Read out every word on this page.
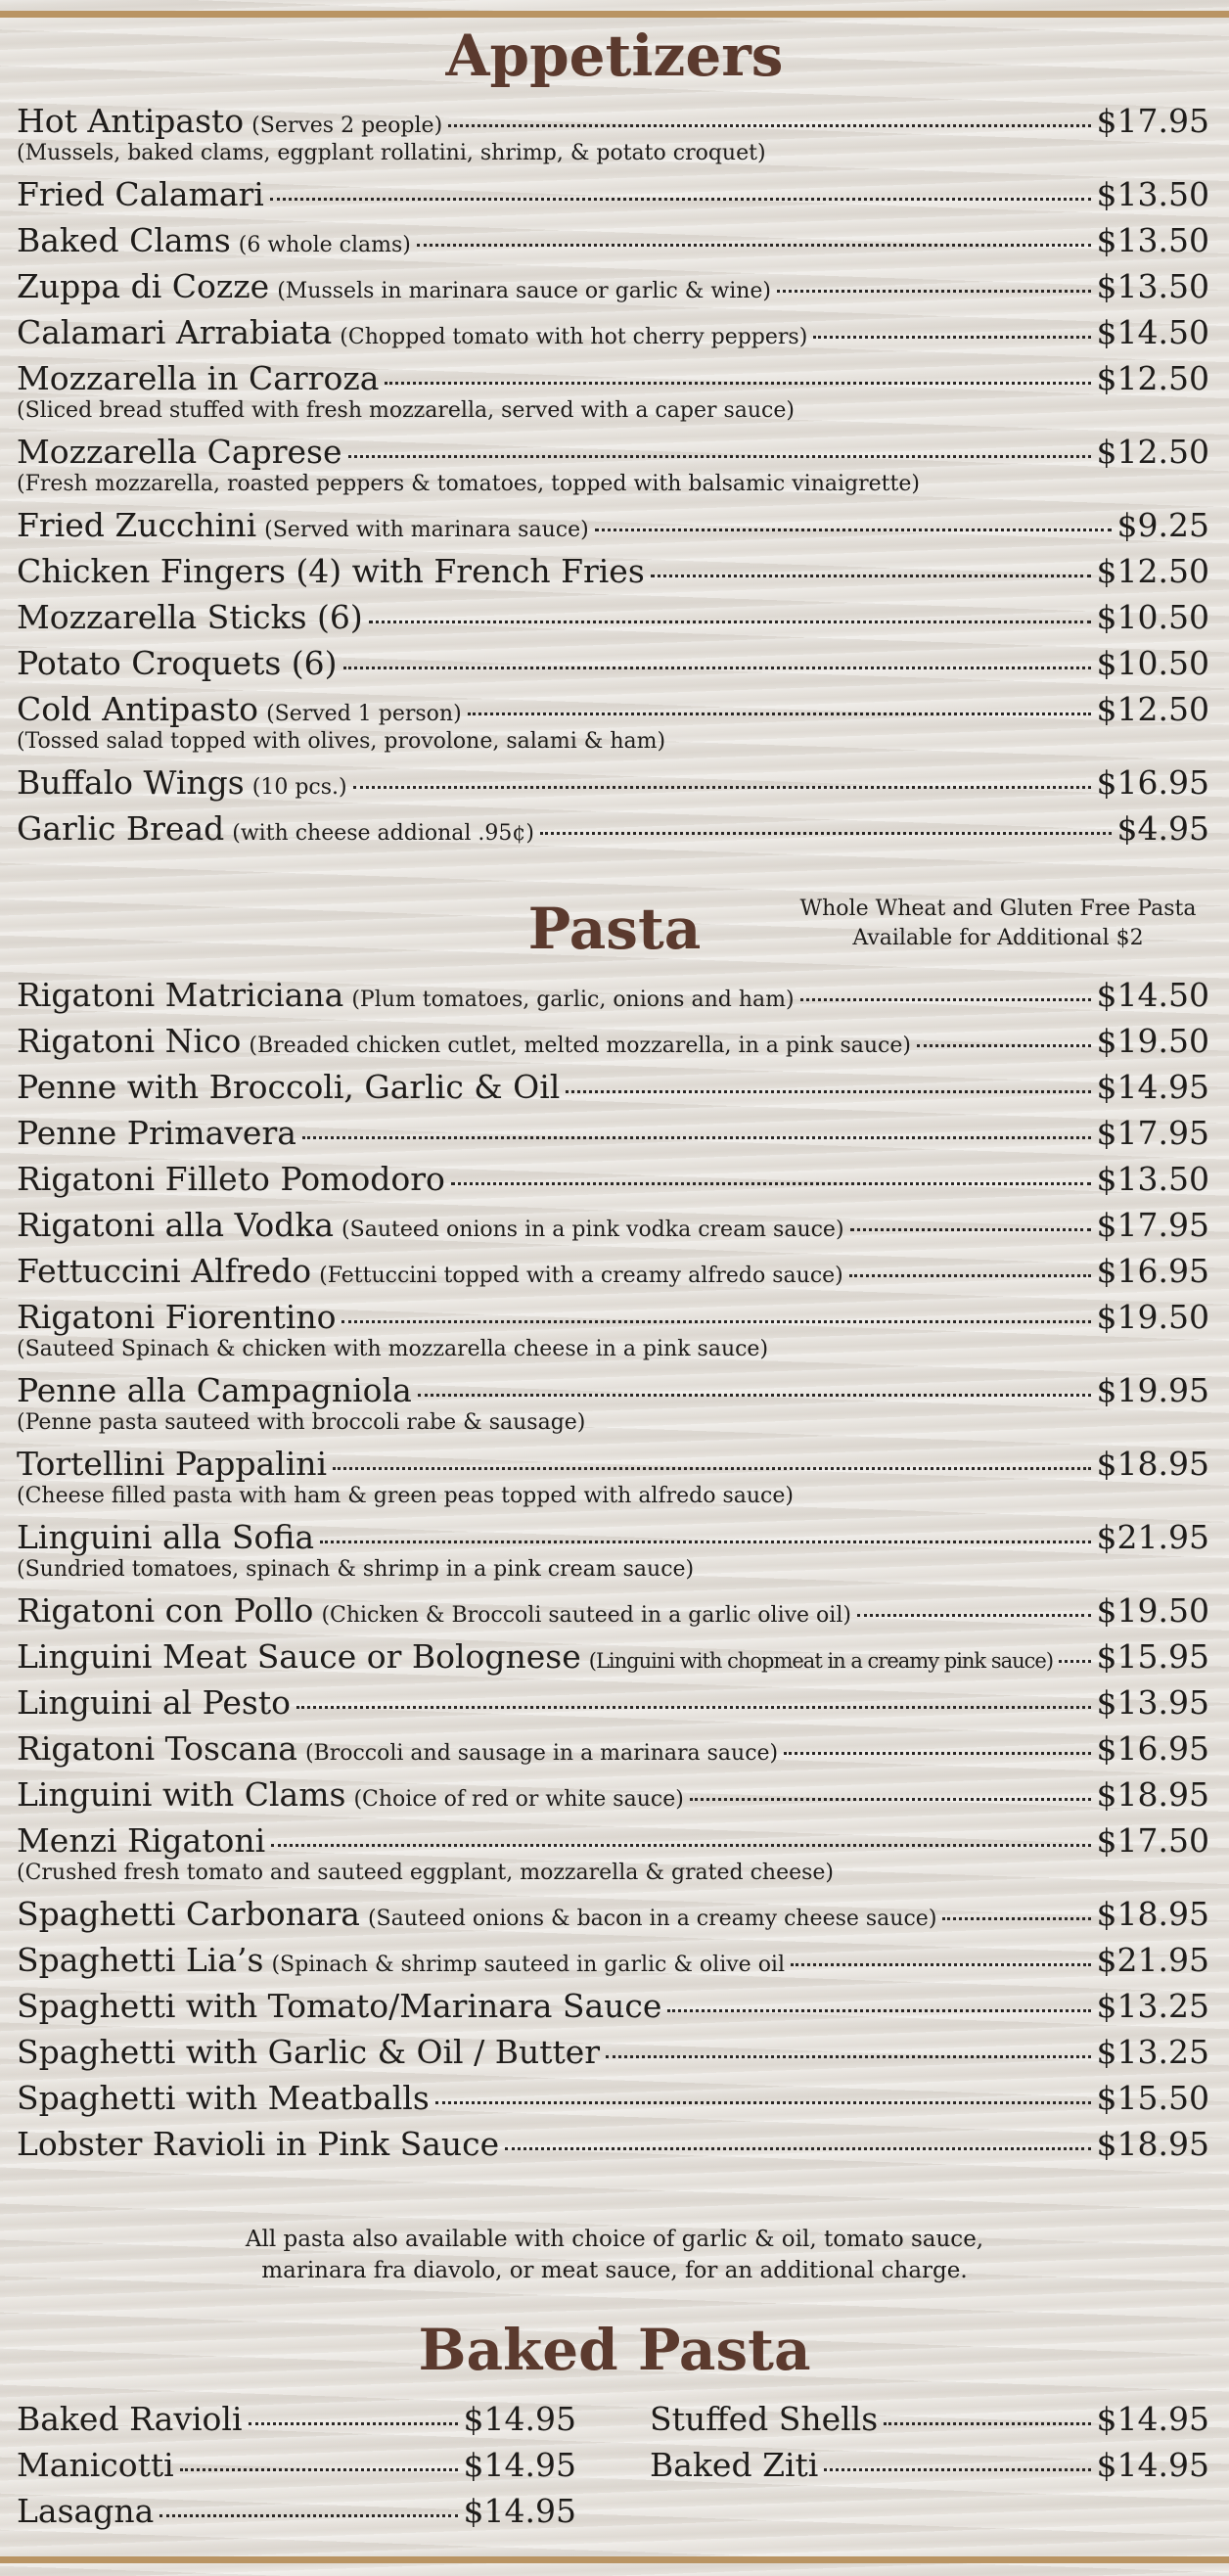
Appetizers
Hot Antipasto (Serves 2 people)	$17.95
(Mussels, baked clams, eggplant rollatini, shrimp, & potato croquet)
Fried Calamari	$13.50
Baked Clams (6 whole clams)	$13.50
Zuppa di Cozze (Mussels in marinara sauce or garlic & wine)	$13.50
Calamari Arrabiata (Chopped tomato with hot cherry peppers)	$14.50
Mozzarella in Carroza	$12.50
(Sliced bread stuffed with fresh mozzarella, served with a caper sauce)
Mozzarella Caprese	$12.50
(Fresh mozzarella, roasted peppers & tomatoes, topped with balsamic vinaigrette)
Fried Zucchini (Served with marinara sauce)	$9.25
Chicken Fingers (4) with French Fries	$12.50
Mozzarella Sticks (6)	$10.50
Potato Croquets (6)	$10.50
Cold Antipasto (Served 1 person)	$12.50
(Tossed salad topped with olives, provolone, salami & ham)
Buffalo Wings (10 pcs.)	$16.95
Garlic Bread (with cheese addional .95¢)	$4.95
Pasta	Whole Wheat and Gluten Free Pasta
Available for Additional $2
Rigatoni Matriciana (Plum tomatoes, garlic, onions and ham)	$14.50
Rigatoni Nico (Breaded chicken cutlet, melted mozzarella, in a pink sauce)	$19.50
Penne with Broccoli, Garlic & Oil	$14.95
Penne Primavera	$17.95
Rigatoni Filleto Pomodoro	$13.50
Rigatoni alla Vodka (Sauteed onions in a pink vodka cream sauce)	$17.95
Fettuccini Alfredo (Fettuccini topped with a creamy alfredo sauce)	$16.95
Rigatoni Fiorentino	$19.50
(Sauteed Spinach & chicken with mozzarella cheese in a pink sauce)
Penne alla Campagniola	$19.95
(Penne pasta sauteed with broccoli rabe & sausage)
Tortellini Pappalini	$18.95
(Cheese filled pasta with ham & green peas topped with alfredo sauce)
Linguini alla Sofia	$21.95
(Sundried tomatoes, spinach & shrimp in a pink cream sauce)
Rigatoni con Pollo (Chicken & Broccoli sauteed in a garlic olive oil)	$19.50
Linguini Meat Sauce or Bolognese (Linguini with chopmeat in a creamy pink sauce) $15.95
Linguini al Pesto	$13.95
Rigatoni Toscana (Broccoli and sausage in a marinara sauce)	$16.95
Linguini with Clams (Choice of red or white sauce)	$18.95
Menzi Rigatoni	$17.50
(Crushed fresh tomato and sauteed eggplant, mozzarella & grated cheese)
Spaghetti Carbonara (Sauteed onions & bacon in a creamy cheese sauce)	$18.95
Spaghetti Lia’s (Spinach & shrimp sauteed in garlic & olive oil	$21.95
Spaghetti with Tomato/Marinara Sauce	$13.25
Spaghetti with Garlic & Oil / Butter	$13.25
Spaghetti with Meatballs	$15.50
Lobster Ravioli in Pink Sauce	$18.95
All pasta also available with choice of garlic & oil, tomato sauce,
marinara fra diavolo, or meat sauce, for an additional charge.
Baked Pasta
Baked Ravioli	$14.95
Manicotti	$14.95
Lasagna	$14.95
Stuffed Shells	$14.95
Baked Ziti	$14.95
